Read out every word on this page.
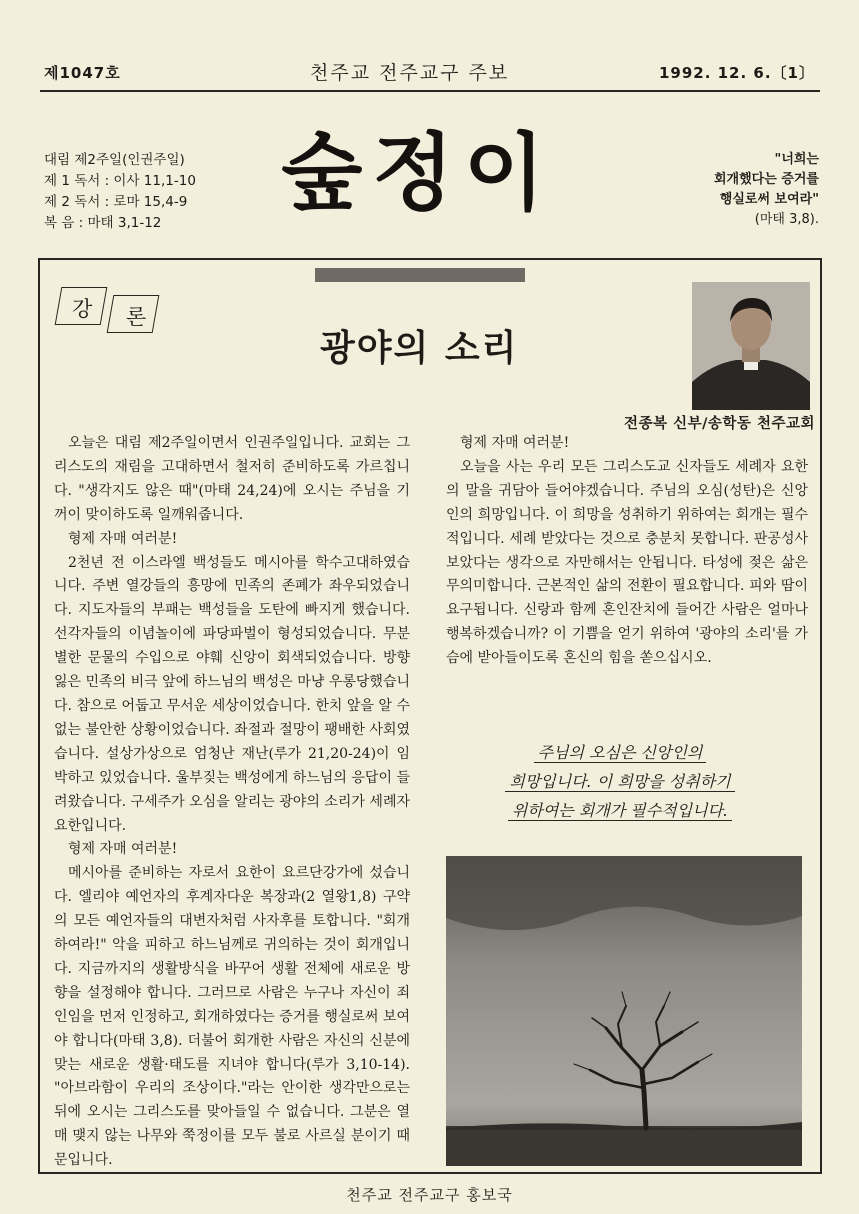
제1047호	천주교 전주교구 주보	1992. 12. 6.〔1〕
대림 제2주일(인권주일)
제 1 독서 : 이사 11,1-10
제 2 독서 : 로마 15,4-9
복 음 : 마태 3,1-12
숲정이	"너희는
회개했다는 증거를
행실로써 보여라"
(마태 3,8).
강 론
광야의 소리
전종복 신부/송학동 천주교회

오늘은 대림 제2주일이면서 인권주일입니다. 교회는 그리스도의 재림을 고대하면서 철저히 준비하도록 가르칩니다. "생각지도 않은 때"(마태 24,24)에 오시는 주님을 기꺼이 맞이하도록 일깨워줍니다.

형제 자매 여러분!

2천년 전 이스라엘 백성들도 메시아를 학수고대하였습니다. 주변 열강들의 흥망에 민족의 존폐가 좌우되었습니다. 지도자들의 부패는 백성들을 도탄에 빠지게 했습니다. 선각자들의 이념놀이에 파당파벌이 형성되었습니다. 무분별한 문물의 수입으로 야훼 신앙이 회색되었습니다. 방향 잃은 민족의 비극 앞에 하느님의 백성은 마냥 우롱당했습니다. 참으로 어둡고 무서운 세상이었습니다. 한치 앞을 알 수 없는 불안한 상황이었습니다. 좌절과 절망이 팽배한 사회였습니다. 설상가상으로 엄청난 재난(루가 21,20-24)이 임박하고 있었습니다. 울부짖는 백성에게 하느님의 응답이 들려왔습니다. 구세주가 오심을 알리는 광야의 소리가 세례자 요한입니다.

형제 자매 여러분!

메시아를 준비하는 자로서 요한이 요르단강가에 섰습니다. 엘리야 예언자의 후계자다운 복장과(2 열왕1,8) 구약의 모든 예언자들의 대변자처럼 사자후를 토합니다. "회개하여라!" 악을 피하고 하느님께로 귀의하는 것이 회개입니다. 지금까지의 생활방식을 바꾸어 생활 전체에 새로운 방향을 설정해야 합니다. 그러므로 사람은 누구나 자신이 죄인임을 먼저 인정하고, 회개하였다는 증거를 행실로써 보여야 합니다(마태 3,8). 더불어 회개한 사람은 자신의 신분에 맞는 새로운 생활·태도를 지녀야 합니다(루가 3,10-14). "아브라함이 우리의 조상이다."라는 안이한 생각만으로는 뒤에 오시는 그리스도를 맞아들일 수 없습니다. 그분은 열매 맺지 않는 나무와 쭉정이를 모두 불로 사르실 분이기 때문입니다.

형제 자매 여러분!

오늘을 사는 우리 모든 그리스도교 신자들도 세례자 요한의 말을 귀담아 들어야겠습니다. 주님의 오심(성탄)은 신앙인의 희망입니다. 이 희망을 성취하기 위하여는 회개는 필수적입니다. 세례 받았다는 것으로 충분치 못합니다. 판공성사 보았다는 생각으로 자만해서는 안됩니다. 타성에 젖은 삶은 무의미합니다. 근본적인 삶의 전환이 필요합니다. 피와 땀이 요구됩니다. 신랑과 함께 혼인잔치에 들어간 사람은 얼마나 행복하겠습니까? 이 기쁨을 얻기 위하여 '광야의 소리'를 가슴에 받아들이도록 혼신의 힘을 쏟으십시오.

주님의 오심은 신앙인의
희망입니다. 이 희망을 성취하기
위하여는 회개가 필수적입니다.
천주교 전주교구 홍보국
